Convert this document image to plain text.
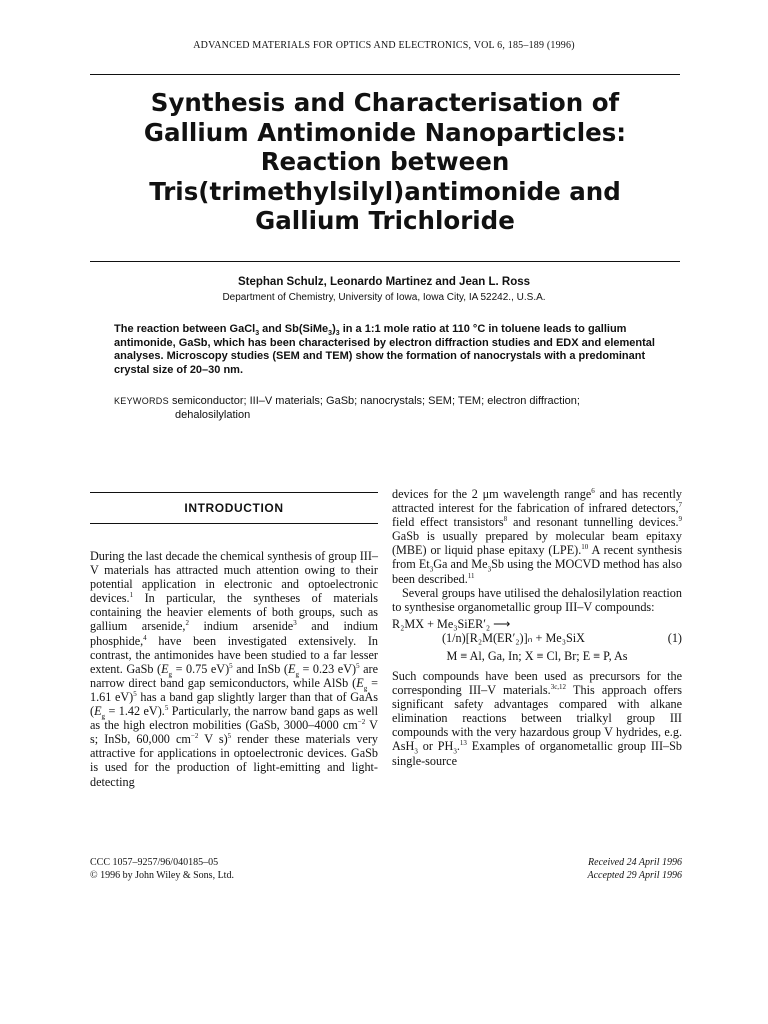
ADVANCED MATERIALS FOR OPTICS AND ELECTRONICS, VOL 6, 185–189 (1996)
Synthesis and Characterisation of
Gallium Antimonide Nanoparticles:
Reaction between
Tris(trimethylsilyl)antimonide and
Gallium Trichloride
Stephan Schulz, Leonardo Martinez and Jean L. Ross
Department of Chemistry, University of Iowa, Iowa City, IA 52242., U.S.A.
The reaction between GaCl$_3$ and $Sb(SiMe_3)_3$ in a 1:1 mole ratio at 110 °C in toluene leads to gallium antimonide, GaSb, which has been characterised by electron diffraction studies and EDX and elemental analyses. Microscopy studies (SEM and TEM) show the formation of nanocrystals with a predominant crystal size of 20–30 nm.
KEYWORDS semiconductor; III–V materials; GaSb; nanocrystals; SEM; TEM; electron diffraction;
dehalosilylation
INTRODUCTION

During the last decade the chemical synthesis of group III–V materials has attracted much attention owing to their potential application in electronic and optoelectronic devices.$^1$ In particular, the syntheses of materials containing the heavier elements of both groups, such as gallium arsenide,$^2$ indium arsenide$^3$ and indium phosphide,$^4$ have been investigated extensively. In contrast, the antimonides have been studied to a far lesser extent. GaSb ($E_g = 0.75$ eV)$^5$ and InSb ($E_g = 0.23$ eV)$^5$ are narrow direct band gap semiconductors, while AlSb ($E_g = 1.61$ eV)$^5$ has a band gap slightly larger than that of GaAs ($E_g = 1.42$ eV).$^5$ Particularly, the narrow band gaps as well as the high electron mobilities (GaSb, 3000–4000 $cm^{-2}$ V s; InSb, 60,000 $cm^{-2}$ V s)$^5$ render these materials very attractive for applications in optoelectronic devices. GaSb is used for the production of light-emitting and light-detecting

devices for the 2 μm wavelength range$^6$ and has recently attracted interest for the fabrication of infrared detectors,$^7$ field effect transistors$^8$ and resonant tunnelling devices.$^9$ GaSb is usually prepared by molecular beam epitaxy (MBE) or liquid phase epitaxy (LPE).$^{10}$ A recent synthesis from $Et_3Ga$ and $Me_3Sb$ using the MOCVD method has also been described.$^{11}$

Several groups have utilised the dehalosilylation reaction to synthesise organometallic group III–V compounds:

R₂MX + Me₃SiER′₂ ⟶
(1/n)[R₂M(ER′₂)]ₙ + Me₃SiX	(1)
M ≡ Al, Ga, In; X ≡ Cl, Br; E ≡ P, As

Such compounds have been used as precursors for the corresponding III–V materials.$^{3c,12}$ This approach offers significant safety advantages compared with alkane elimination reactions between trialkyl group III compounds with the very hazardous group V hydrides, e.g. AsH$_3$ or $PH_3.^{13}$ Examples of organometallic group III–Sb single-source

CCC 1057–9257/96/040185–05
© 1996 by John Wiley & Sons, Ltd.
Received 24 April 1996
Accepted 29 April 1996
